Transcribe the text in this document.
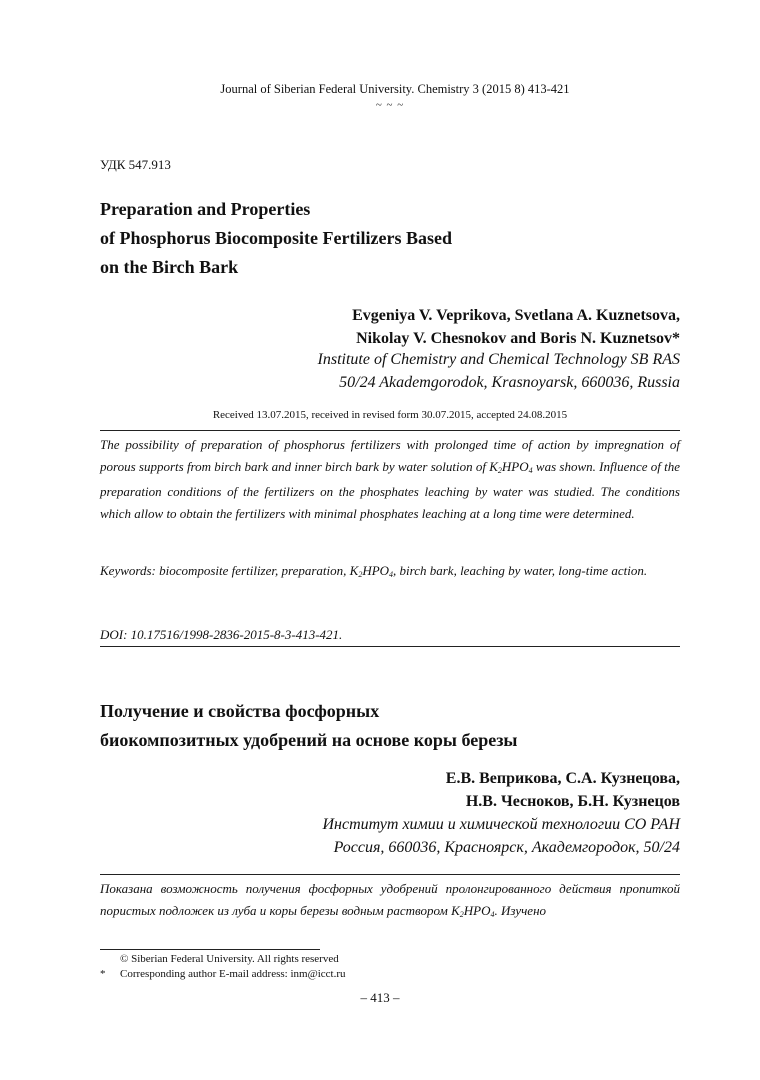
Journal of Siberian Federal University. Chemistry 3 (2015 8) 413-421
~ ~ ~
УДК 547.913
Preparation and Properties
of Phosphorus Biocomposite Fertilizers Based
on the Birch Bark
Evgeniya V. Veprikova, Svetlana A. Kuznetsova,
Nikolay V. Chesnokov and Boris N. Kuznetsov*
Institute of Chemistry and Chemical Technology SB RAS
50/24 Akademgorodok, Krasnoyarsk, 660036, Russia
Received 13.07.2015, received in revised form 30.07.2015, accepted 24.08.2015
The possibility of preparation of phosphorus fertilizers with prolonged time of action by impregnation of porous supports from birch bark and inner birch bark by water solution of $K_2HPO_4$ was shown. Influence of the preparation conditions of the fertilizers on the phosphates leaching by water was studied. The conditions which allow to obtain the fertilizers with minimal phosphates leaching at a long time were determined.
Keywords: biocomposite fertilizer, preparation, $K_2HPO_4$, birch bark, leaching by water, long-time action.
DOI: 10.17516/1998-2836-2015-8-3-413-421.
Получение и свойства фосфорных
биокомпозитных удобрений на основе коры березы
Е.В. Веприкова, С.А. Кузнецова,
Н.В. Чесноков, Б.Н. Кузнецов
Институт химии и химической технологии СО РАН
Россия, 660036, Красноярск, Академгородок, 50/24
Показана возможность получения фосфорных удобрений пролонгированного действия пропиткой пористых подложек из луба и коры березы водным раствором $K_2HPO_4$. Изучено
© Siberian Federal University. All rights reserved
* Corresponding author E-mail address: inm@icct.ru
– 413 –
